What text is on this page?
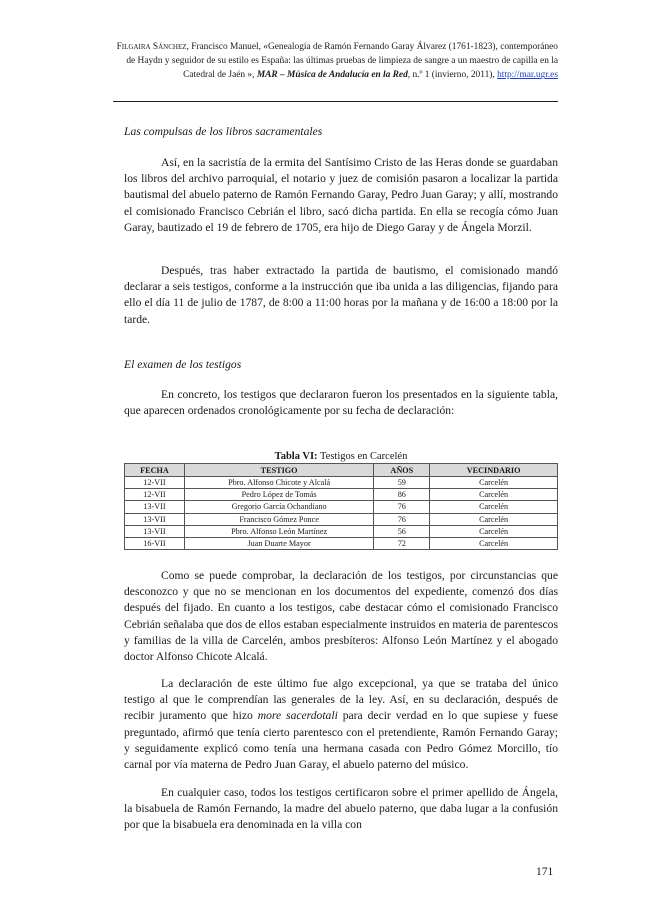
Filgaira Sánchez, Francisco Manuel, «Genealogía de Ramón Fernando Garay Álvarez (1761-1823), contemporáneo de Haydn y seguidor de su estilo es España: las últimas pruebas de limpieza de sangre a un maestro de capilla en la Catedral de Jaén », MAR – Música de Andalucía en la Red, n.º 1 (invierno, 2011), http://mar.ugr.es
Las compulsas de los libros sacramentales

Así, en la sacristía de la ermita del Santísimo Cristo de las Heras donde se guardaban los libros del archivo parroquial, el notario y juez de comisión pasaron a localizar la partida bautismal del abuelo paterno de Ramón Fernando Garay, Pedro Juan Garay; y allí, mostrando el comisionado Francisco Cebrián el libro, sacó dicha partida. En ella se recogía cómo Juan Garay, bautizado el 19 de febrero de 1705, era hijo de Diego Garay y de Ángela Morzil.

Después, tras haber extractado la partida de bautismo, el comisionado mandó declarar a seis testigos, conforme a la instrucción que iba unida a las diligencias, fijando para ello el día 11 de julio de 1787, de 8:00 a 11:00 horas por la mañana y de 16:00 a 18:00 por la tarde.

El examen de los testigos

En concreto, los testigos que declararon fueron los presentados en la siguiente tabla, que aparecen ordenados cronológicamente por su fecha de declaración:

Tabla VI: Testigos en Carcelén
FECHA	TESTIGO	AÑOS	VECINDARIO
12-VII	Pbro. Alfonso Chicote y Alcalá	59	Carcelén
12-VII	Pedro López de Tomás	86	Carcelén
13-VII	Gregorio García Ochandiano	76	Carcelén
13-VII	Francisco Gómez Ponce	76	Carcelén
13-VII	Pbro. Alfonso León Martínez	56	Carcelén
16-VII	Juan Duarte Mayor	72	Carcelén

Como se puede comprobar, la declaración de los testigos, por circunstancias que desconozco y que no se mencionan en los documentos del expediente, comenzó dos días después del fijado. En cuanto a los testigos, cabe destacar cómo el comisionado Francisco Cebrián señalaba que dos de ellos estaban especialmente instruidos en materia de parentescos y familias de la villa de Carcelén, ambos presbíteros: Alfonso León Martínez y el abogado doctor Alfonso Chicote Alcalá.

La declaración de este último fue algo excepcional, ya que se trataba del único testigo al que le comprendían las generales de la ley. Así, en su declaración, después de recibir juramento que hizo more sacerdotali para decir verdad en lo que supiese y fuese preguntado, afirmó que tenía cierto parentesco con el pretendiente, Ramón Fernando Garay; y seguidamente explicó como tenía una hermana casada con Pedro Gómez Morcillo, tío carnal por vía materna de Pedro Juan Garay, el abuelo paterno del músico.

En cualquier caso, todos los testigos certificaron sobre el primer apellido de Ángela, la bisabuela de Ramón Fernando, la madre del abuelo paterno, que daba lugar a la confusión por que la bisabuela era denominada en la villa con

171
